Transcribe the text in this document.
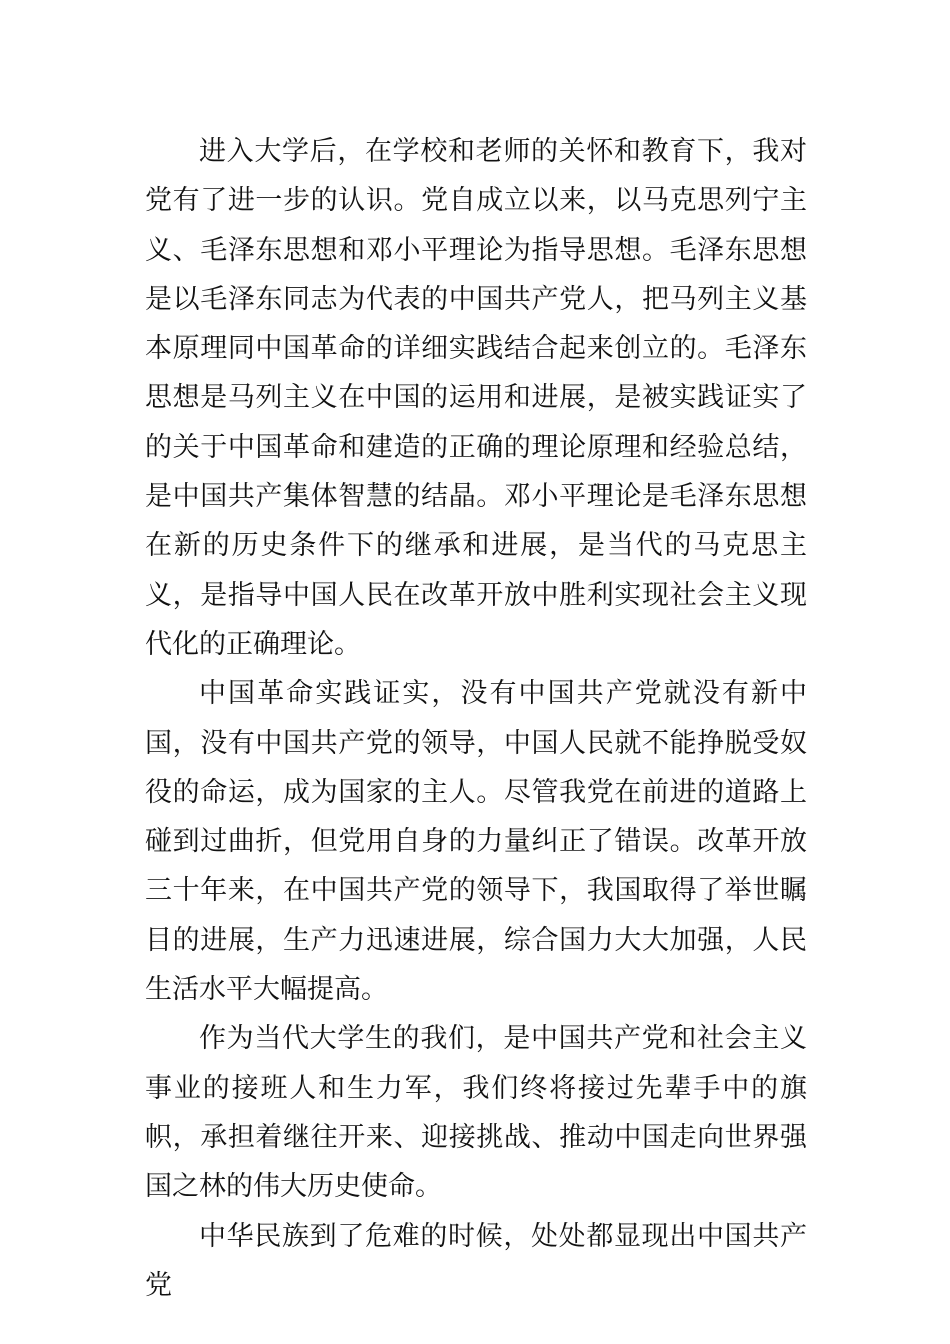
进入大学后，在学校和老师的关怀和教育下，我对党有了进一步的认识。党自成立以来，以马克思列宁主义、毛泽东思想和邓小平理论为指导思想。毛泽东思想是以毛泽东同志为代表的中国共产党人，把马列主义基本原理同中国革命的详细实践结合起来创立的。毛泽东思想是马列主义在中国的运用和进展，是被实践证实了的关于中国革命和建造的正确的理论原理和经验总结，是中国共产集体智慧的结晶。邓小平理论是毛泽东思想在新的历史条件下的继承和进展，是当代的马克思主义，是指导中国人民在改革开放中胜利实现社会主义现代化的正确理论。

中国革命实践证实，没有中国共产党就没有新中国，没有中国共产党的领导，中国人民就不能挣脱受奴役的命运，成为国家的主人。尽管我党在前进的道路上碰到过曲折，但党用自身的力量纠正了错误。改革开放三十年来，在中国共产党的领导下，我国取得了举世瞩目的进展，生产力迅速进展，综合国力大大加强，人民生活水平大幅提高。

作为当代大学生的我们，是中国共产党和社会主义事业的接班人和生力军，我们终将接过先辈手中的旗帜，承担着继往开来、迎接挑战、推动中国走向世界强国之林的伟大历史使命。

中华民族到了危难的时候，处处都显现出中国共产党
